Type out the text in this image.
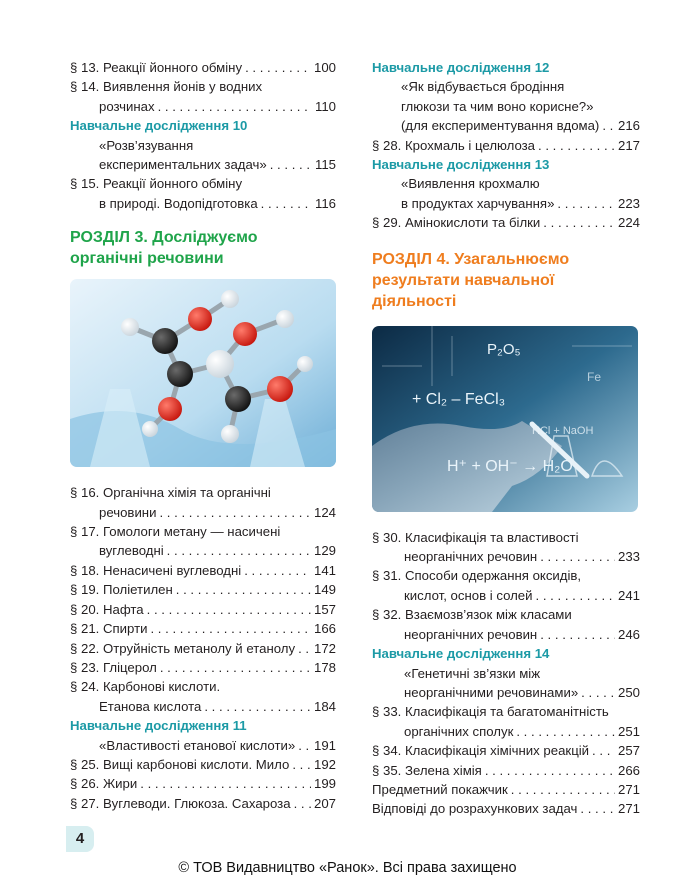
§ 13. Реакції йонного обміну . . .	100
§ 14. Виявлення йонів у водних
розчинах . . .	110
Навчальне дослідження 10
«Розв’язування
експериментальних задач» . . .	115
§ 15. Реакції йонного обміну
в природі. Водопідготовка . . .	116
РОЗДІЛ 3. Досліджуємо
органічні речовини
§ 16. Органічна хімія та органічні
речовини . . .	124
§ 17. Гомологи метану — насичені
вуглеводні . . .	129
§ 18. Ненасичені вуглеводні . . .	141
§ 19. Поліетилен . . .	149
§ 20. Нафта . . .	157
§ 21. Спирти . . .	166
§ 22. Отруйність метанолу й етанолу . . . 172
§ 23. Гліцерол . . .	178
§ 24. Карбонові кислоти.
Етанова кислота . . .	184
Навчальне дослідження 11
«Властивості етанової кислоти» . . . 191
§ 25. Вищі карбонові кислоти. Мило . . . 192
§ 26. Жири . . .	199
§ 27. Вуглеводи. Глюкоза. Сахароза . . . 207
Навчальне дослідження 12
«Як відбувається бродіння
глюкози та чим воно корисне?»
(для експериментування вдома) . . . 216
§ 28. Крохмаль і целюлоза . . .	217
Навчальне дослідження 13
«Виявлення крохмалю
в продуктах харчування» . . .	223
§ 29. Амінокислоти та білки . . .	224
РОЗДІЛ 4. Узагальнюємо
результати навчальної
діяльності
P₂O₅
+ Cl₂ – FeCl₃
HCl + NaOH
H⁺ + OH⁻ → H₂O
Fe
§ 30. Класифікація та властивості
неорганічних речовин . . .	233
§ 31. Способи одержання оксидів,
кислот, основ і солей . . .	241
§ 32. Взаємозв’язок між класами
неорганічних речовин . . .	246
Навчальне дослідження 14
«Генетичні зв’язки між
неорганічними речовинами» . . .	250
§ 33. Класифікація та багатоманітність
органічних сполук . . .	251
§ 34. Класифікація хімічних реакцій . . . 257
§ 35. Зелена хімія . . .	266
Предметний покажчик . . .	271
Відповіді до розрахункових задач . . .	271
4
© ТОВ Видавництво «Ранок». Всі права захищено
